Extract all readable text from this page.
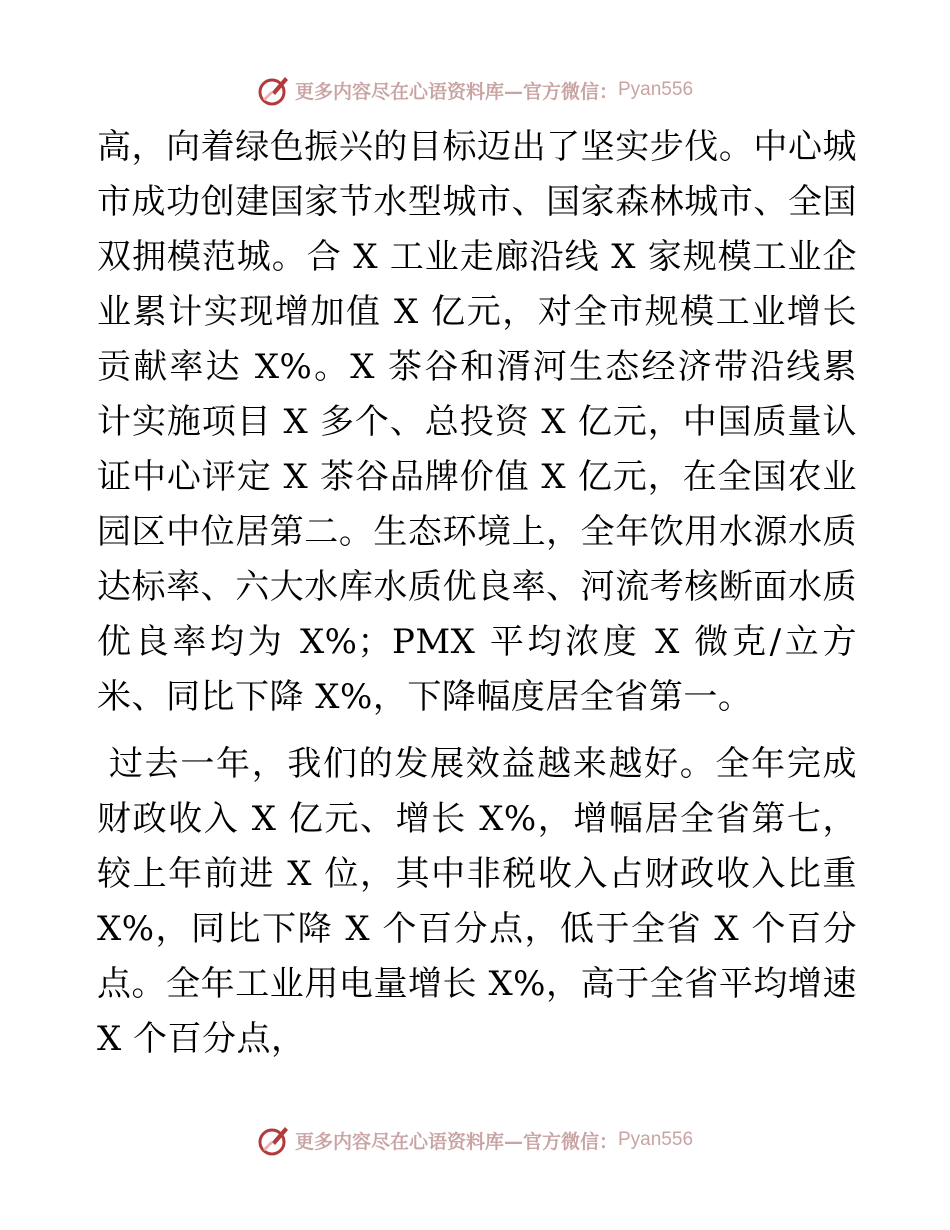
更多内容尽在心语资料库—官方微信： Pyan556

高，向着绿色振兴的目标迈出了坚实步伐。中心城市成功创建国家节水型城市、国家森林城市、全国双拥模范城。合 X 工业走廊沿线 X 家规模工业企业累计实现增加值 X 亿元，对全市规模工业增长贡献率达 X%。X 茶谷和湑河生态经济带沿线累计实施项目 X 多个、总投资 X 亿元，中国质量认证中心评定 X 茶谷品牌价值 X 亿元，在全国农业园区中位居第二。生态环境上，全年饮用水源水质达标率、六大水库水质优良率、河流考核断面水质优良率均为 X%；PMX 平均浓度 X 微克/立方米、同比下降 X%，下降幅度居全省第一。

过去一年，我们的发展效益越来越好。全年完成财政收入 X 亿元、增长 X%，增幅居全省第七，较上年前进 X 位，其中非税收入占财政收入比重 X%，同比下降 X 个百分点，低于全省 X 个百分点。全年工业用电量增长 X%，高于全省平均增速 X 个百分点，

更多内容尽在心语资料库—官方微信： Pyan556
